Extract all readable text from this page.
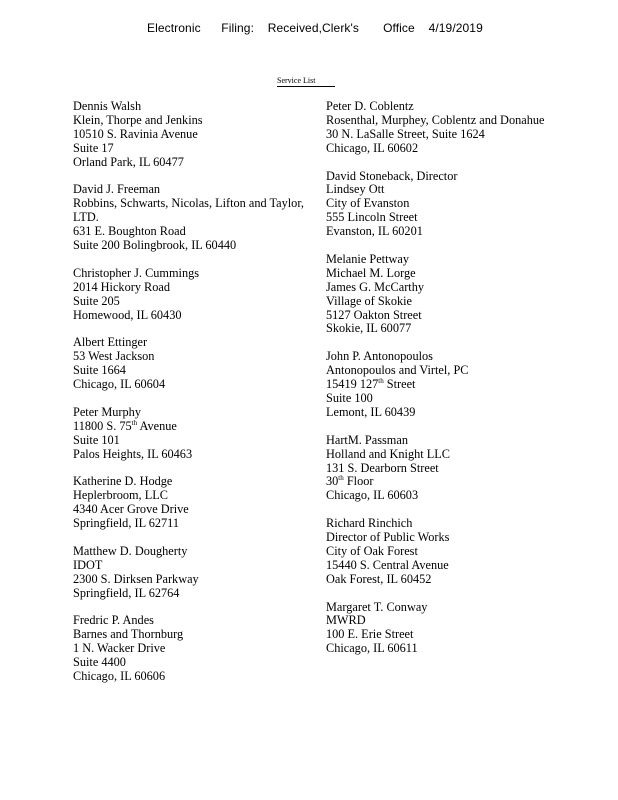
Electronic Filing: Received,Clerk's Office 4/19/2019
Service List
Dennis Walsh
Klein, Thorpe and Jenkins
10510 S. Ravinia Avenue
Suite 17
Orland Park, IL 60477
David J. Freeman
Robbins, Schwarts, Nicolas, Lifton and Taylor, LTD.
631 E. Boughton Road
Suite 200 Bolingbrook, IL 60440
Christopher J. Cummings
2014 Hickory Road
Suite 205
Homewood, IL 60430
Albert Ettinger
53 West Jackson
Suite 1664
Chicago, IL 60604
Peter Murphy
11800 S. 75th Avenue
Suite 101
Palos Heights, IL 60463
Katherine D. Hodge
Heplerbroom, LLC
4340 Acer Grove Drive
Springfield, IL 62711
Matthew D. Dougherty
IDOT
2300 S. Dirksen Parkway
Springfield, IL 62764
Fredric P. Andes
Barnes and Thornburg
1 N. Wacker Drive
Suite 4400
Chicago, IL 60606
Peter D. Coblentz
Rosenthal, Murphey, Coblentz and Donahue
30 N. LaSalle Street, Suite 1624
Chicago, IL 60602
David Stoneback, Director
Lindsey Ott
City of Evanston
555 Lincoln Street
Evanston, IL 60201
Melanie Pettway
Michael M. Lorge
James G. McCarthy
Village of Skokie
5127 Oakton Street
Skokie, IL 60077
John P. Antonopoulos
Antonopoulos and Virtel, PC
15419 127th Street
Suite 100
Lemont, IL 60439
HartM. Passman
Holland and Knight LLC
131 S. Dearborn Street
30th Floor
Chicago, IL 60603
Richard Rinchich
Director of Public Works
City of Oak Forest
15440 S. Central Avenue
Oak Forest, IL 60452
Margaret T. Conway
MWRD
100 E. Erie Street
Chicago, IL 60611
